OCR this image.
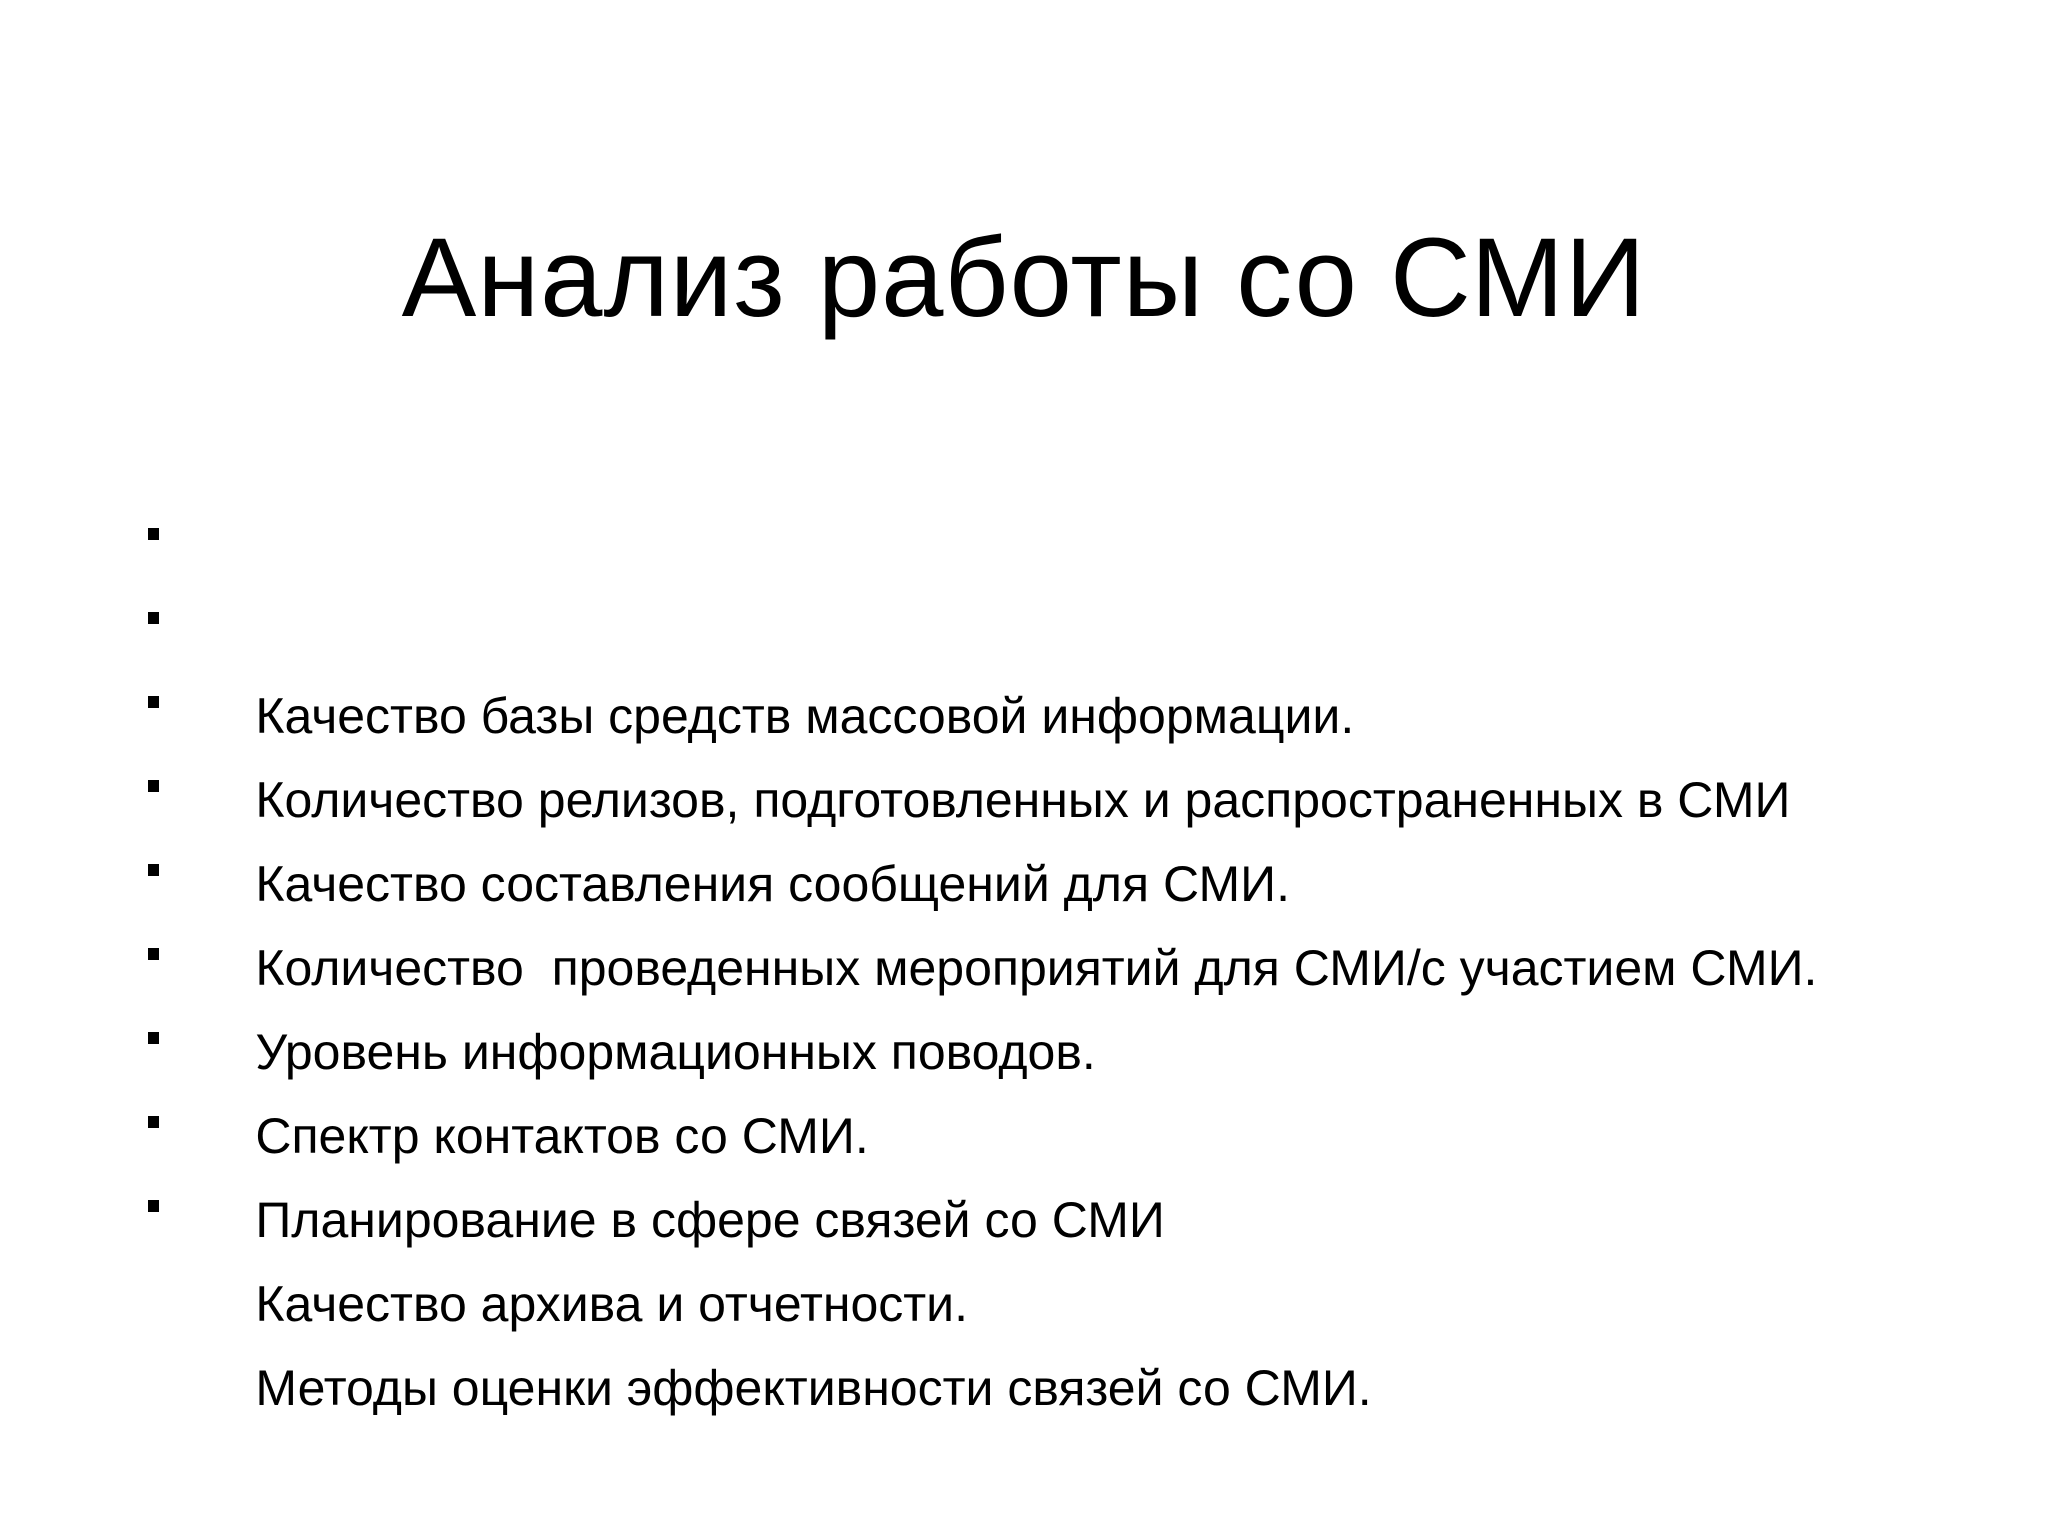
Анализ работы со СМИ

Качество базы средств массовой информации.

Количество релизов, подготовленных и распространенных в СМИ

Качество составления сообщений для СМИ.

Количество  проведенных мероприятий для СМИ/с участием СМИ.

Уровень информационных поводов.

Спектр контактов со СМИ.

Планирование в сфере связей со СМИ

Качество архива и отчетности.

Методы оценки эффективности связей со СМИ.
